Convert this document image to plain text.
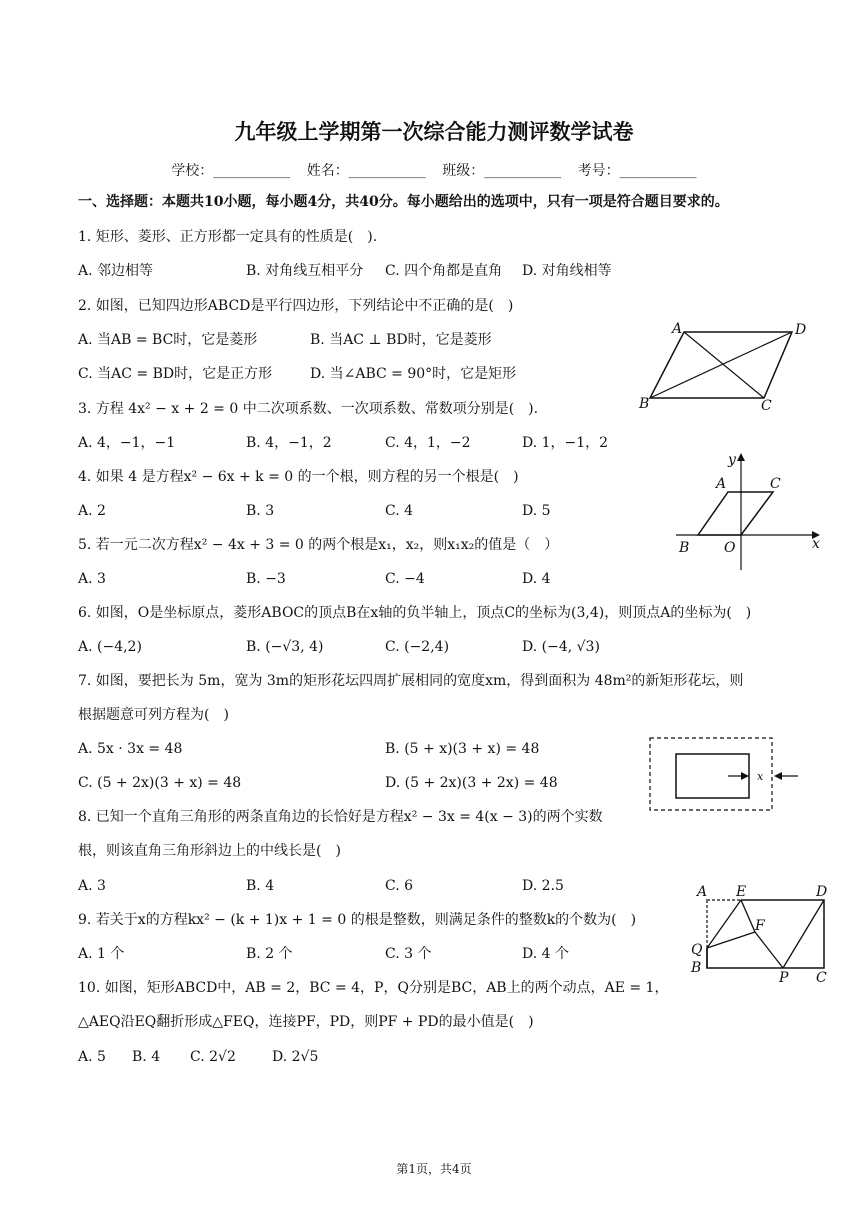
九年级上学期第一次综合能力测评数学试卷
学校：___________ 姓名：___________ 班级：___________ 考号：___________
一、选择题：本题共10小题，每小题4分，共40分。每小题给出的选项中，只有一项是符合题目要求的。
1. 矩形、菱形、正方形都一定具有的性质是(　).
A. 邻边相等	B. 对角线互相平分 C. 四个角都是直角 D. 对角线相等
2. 如图，已知四边形ABCD是平行四边形，下列结论中不正确的是(　)
A. 当AB = BC时，它是菱形	B. 当AC ⊥ BD时，它是菱形
C. 当AC = BD时，它是正方形	D. 当∠ABC = 90°时，它是矩形
3. 方程 4x² − x + 2 = 0 中二次项系数、一次项系数、常数项分别是(　).
A. 4，−1，−1	B. 4，−1，2	C. 4，1，−2	D. 1，−1，2
4. 如果 4 是方程x² − 6x + k = 0 的一个根，则方程的另一个根是(　)
A. 2	B. 3	C. 4	D. 5
5. 若一元二次方程x² − 4x + 3 = 0 的两个根是x₁，x₂，则x₁x₂的值是（　）
A. 3	B. −3	C. −4	D. 4
6. 如图，O是坐标原点，菱形ABOC的顶点B在x轴的负半轴上，顶点C的坐标为(3,4)，则顶点A的坐标为(　)
A. (−4,2)	B. (−√3, 4)	C. (−2,4)	D. (−4, √3)
7. 如图，要把长为 5m，宽为 3m的矩形花坛四周扩展相同的宽度xm，得到面积为 48m²的新矩形花坛，则
根据题意可列方程为(　)
A. 5x · 3x = 48	B. (5 + x)(3 + x) = 48
C. (5 + 2x)(3 + x) = 48	D. (5 + 2x)(3 + 2x) = 48
8. 已知一个直角三角形的两条直角边的长恰好是方程x² − 3x = 4(x − 3)的两个实数
根，则该直角三角形斜边上的中线长是(　)
A. 3	B. 4	C. 6	D. 2.5
9. 若关于x的方程kx² − (k + 1)x + 1 = 0 的根是整数，则满足条件的整数k的个数为(　)
A. 1 个	B. 2 个	C. 3 个	D. 4 个
10. 如图，矩形ABCD中，AB = 2，BC = 4，P，Q分别是BC，AB上的两个动点，AE = 1，
△AEQ沿EQ翻折形成△FEQ，连接PF，PD，则PF + PD的最小值是(　)
A. 5 B. 4 C. 2√2	D. 2√5
A	D
B	C
y
A	C
B O	x
x
A E	D
F
Q
B
P C
第1页，共4页
